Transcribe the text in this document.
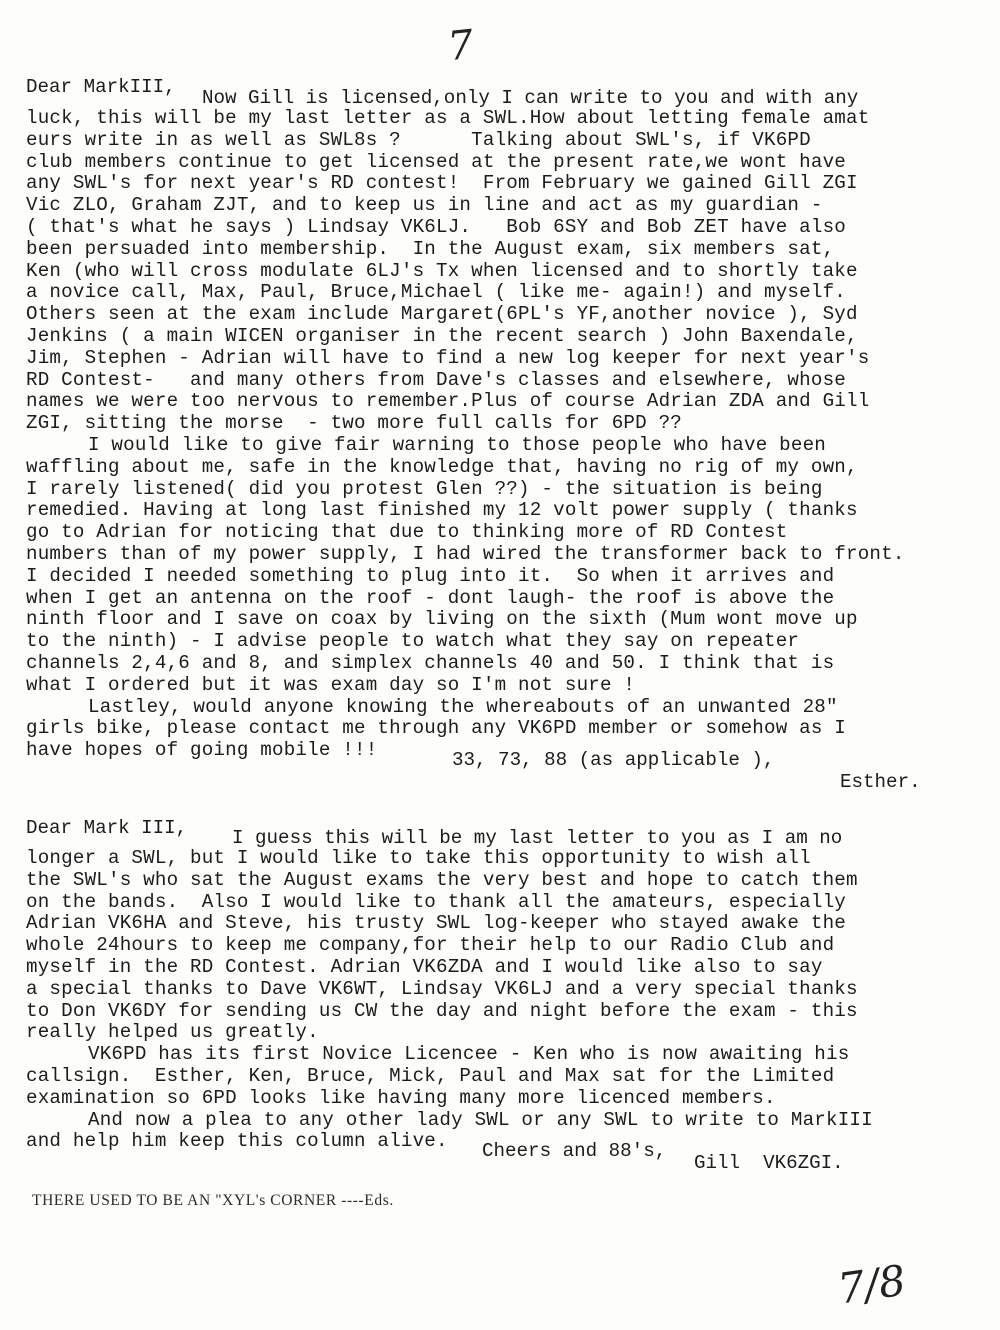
7
Dear MarkIII, Now Gill is licensed,only I can write to you and with any
luck, this will be my last letter as a SWL.How about letting female amat
eurs write in as well as SWL8s ?      Talking about SWL's, if VK6PD
club members continue to get licensed at the present rate,we wont have
any SWL's for next year's RD contest!  From February we gained Gill ZGI
Vic ZLO, Graham ZJT, and to keep us in line and act as my guardian -
( that's what he says ) Lindsay VK6LJ.   Bob 6SY and Bob ZET have also
been persuaded into membership.  In the August exam, six members sat,
Ken (who will cross modulate 6LJ's Tx when licensed and to shortly take
a novice call, Max, Paul, Bruce,Michael ( like me- again!) and myself.
Others seen at the exam include Margaret(6PL's YF,another novice ), Syd
Jenkins ( a main WICEN organiser in the recent search ) John Baxendale,
Jim, Stephen - Adrian will have to find a new log keeper for next year's
RD Contest-   and many others from Dave's classes and elsewhere, whose
names we were too nervous to remember.Plus of course Adrian ZDA and Gill
ZGI, sitting the morse  - two more full calls for 6PD ??
I would like to give fair warning to those people who have been
waffling about me, safe in the knowledge that, having no rig of my own,
I rarely listened( did you protest Glen ??) - the situation is being
remedied. Having at long last finished my 12 volt power supply ( thanks
go to Adrian for noticing that due to thinking more of RD Contest
numbers than of my power supply, I had wired the transformer back to front.
I decided I needed something to plug into it.  So when it arrives and
when I get an antenna on the roof - dont laugh- the roof is above the
ninth floor and I save on coax by living on the sixth (Mum wont move up
to the ninth) - I advise people to watch what they say on repeater
channels 2,4,6 and 8, and simplex channels 40 and 50. I think that is
what I ordered but it was exam day so I'm not sure !
Lastley, would anyone knowing the whereabouts of an unwanted 28"
girls bike, please contact me through any VK6PD member or somehow as I
have hopes of going mobile !!!	33, 73, 88 (as applicable ),
Esther.
Dear Mark III, I guess this will be my last letter to you as I am no
longer a SWL, but I would like to take this opportunity to wish all
the SWL's who sat the August exams the very best and hope to catch them
on the bands.  Also I would like to thank all the amateurs, especially
Adrian VK6HA and Steve, his trusty SWL log-keeper who stayed awake the
whole 24hours to keep me company,for their help to our Radio Club and
myself in the RD Contest. Adrian VK6ZDA and I would like also to say
a special thanks to Dave VK6WT, Lindsay VK6LJ and a very special thanks
to Don VK6DY for sending us CW the day and night before the exam - this
really helped us greatly.
VK6PD has its first Novice Licencee - Ken who is now awaiting his
callsign.  Esther, Ken, Bruce, Mick, Paul and Max sat for the Limited
examination so 6PD looks like having many more licenced members.
And now a plea to any other lady SWL or any SWL to write to MarkIII
and help him keep this column alive.	Cheers and 88's,
Gill  VK6ZGI.
THERE USED TO BE AN "XYL's CORNER ----Eds.
7/8
